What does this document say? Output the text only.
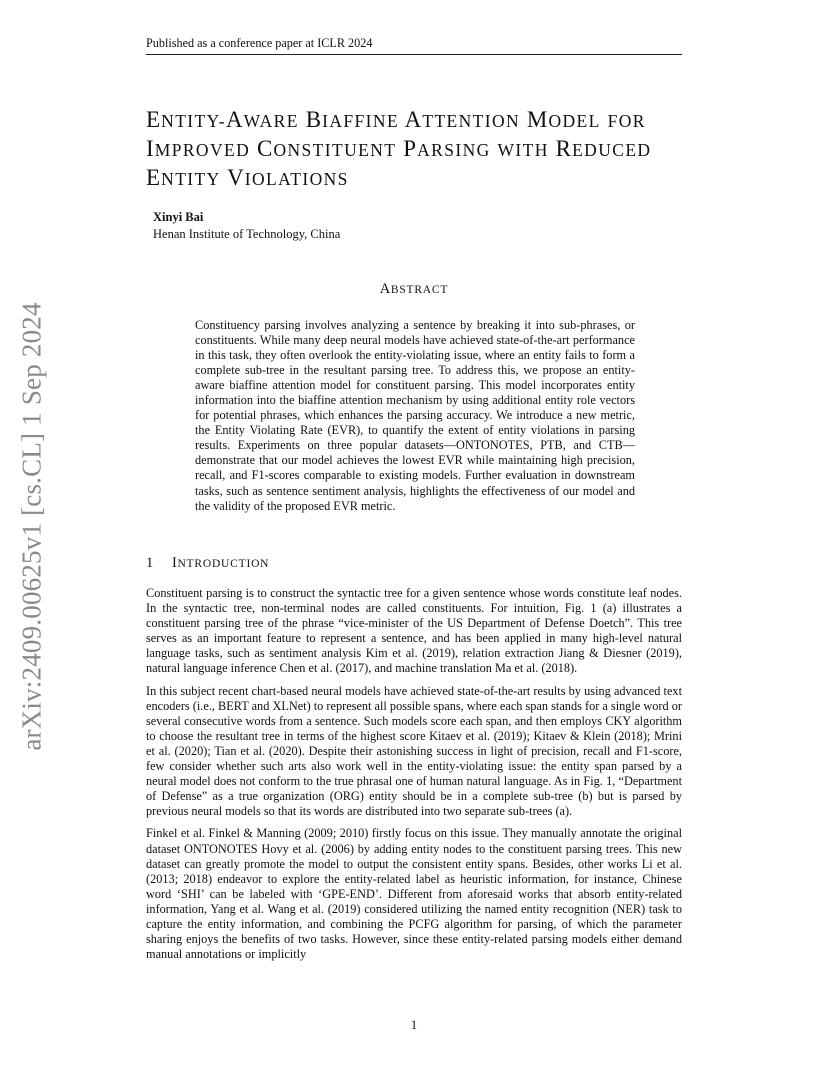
Published as a conference paper at ICLR 2024
arXiv:2409.00625v1 [cs.CL] 1 Sep 2024
ENTITY-AWARE BIAFFINE ATTENTION MODEL FOR IMPROVED CONSTITUENT PARSING WITH REDUCED ENTITY VIOLATIONS
Xinyi Bai
Henan Institute of Technology, China
ABSTRACT

Constituency parsing involves analyzing a sentence by breaking it into sub-phrases, or constituents. While many deep neural models have achieved state-of-the-art performance in this task, they often overlook the entity-violating issue, where an entity fails to form a complete sub-tree in the resultant parsing tree. To address this, we propose an entity-aware biaffine attention model for constituent parsing. This model incorporates entity information into the biaffine attention mechanism by using additional entity role vectors for potential phrases, which enhances the parsing accuracy. We introduce a new metric, the Entity Violating Rate (EVR), to quantify the extent of entity violations in parsing results. Experiments on three popular datasets—ONTONOTES, PTB, and CTB—demonstrate that our model achieves the lowest EVR while maintaining high precision, recall, and F1-scores comparable to existing models. Further evaluation in downstream tasks, such as sentence sentiment analysis, highlights the effectiveness of our model and the validity of the proposed EVR metric.

1 INTRODUCTION

Constituent parsing is to construct the syntactic tree for a given sentence whose words constitute leaf nodes. In the syntactic tree, non-terminal nodes are called constituents. For intuition, Fig. 1 (a) illustrates a constituent parsing tree of the phrase “vice-minister of the US Department of Defense Doetch”. This tree serves as an important feature to represent a sentence, and has been applied in many high-level natural language tasks, such as sentiment analysis Kim et al. (2019), relation extraction Jiang & Diesner (2019), natural language inference Chen et al. (2017), and machine translation Ma et al. (2018).

In this subject recent chart-based neural models have achieved state-of-the-art results by using advanced text encoders (i.e., BERT and XLNet) to represent all possible spans, where each span stands for a single word or several consecutive words from a sentence. Such models score each span, and then employs CKY algorithm to choose the resultant tree in terms of the highest score Kitaev et al. (2019); Kitaev & Klein (2018); Mrini et al. (2020); Tian et al. (2020). Despite their astonishing success in light of precision, recall and F1-score, few consider whether such arts also work well in the entity-violating issue: the entity span parsed by a neural model does not conform to the true phrasal one of human natural language. As in Fig. 1, “Department of Defense” as a true organization (ORG) entity should be in a complete sub-tree (b) but is parsed by previous neural models so that its words are distributed into two separate sub-trees (a).

Finkel et al. Finkel & Manning (2009; 2010) firstly focus on this issue. They manually annotate the original dataset ONTONOTES Hovy et al. (2006) by adding entity nodes to the constituent parsing trees. This new dataset can greatly promote the model to output the consistent entity spans. Besides, other works Li et al. (2013; 2018) endeavor to explore the entity-related label as heuristic information, for instance, Chinese word ‘SHI’ can be labeled with ‘GPE-END’. Different from aforesaid works that absorb entity-related information, Yang et al. Wang et al. (2019) considered utilizing the named entity recognition (NER) task to capture the entity information, and combining the PCFG algorithm for parsing, of which the parameter sharing enjoys the benefits of two tasks. However, since these entity-related parsing models either demand manual annotations or implicitly

1
